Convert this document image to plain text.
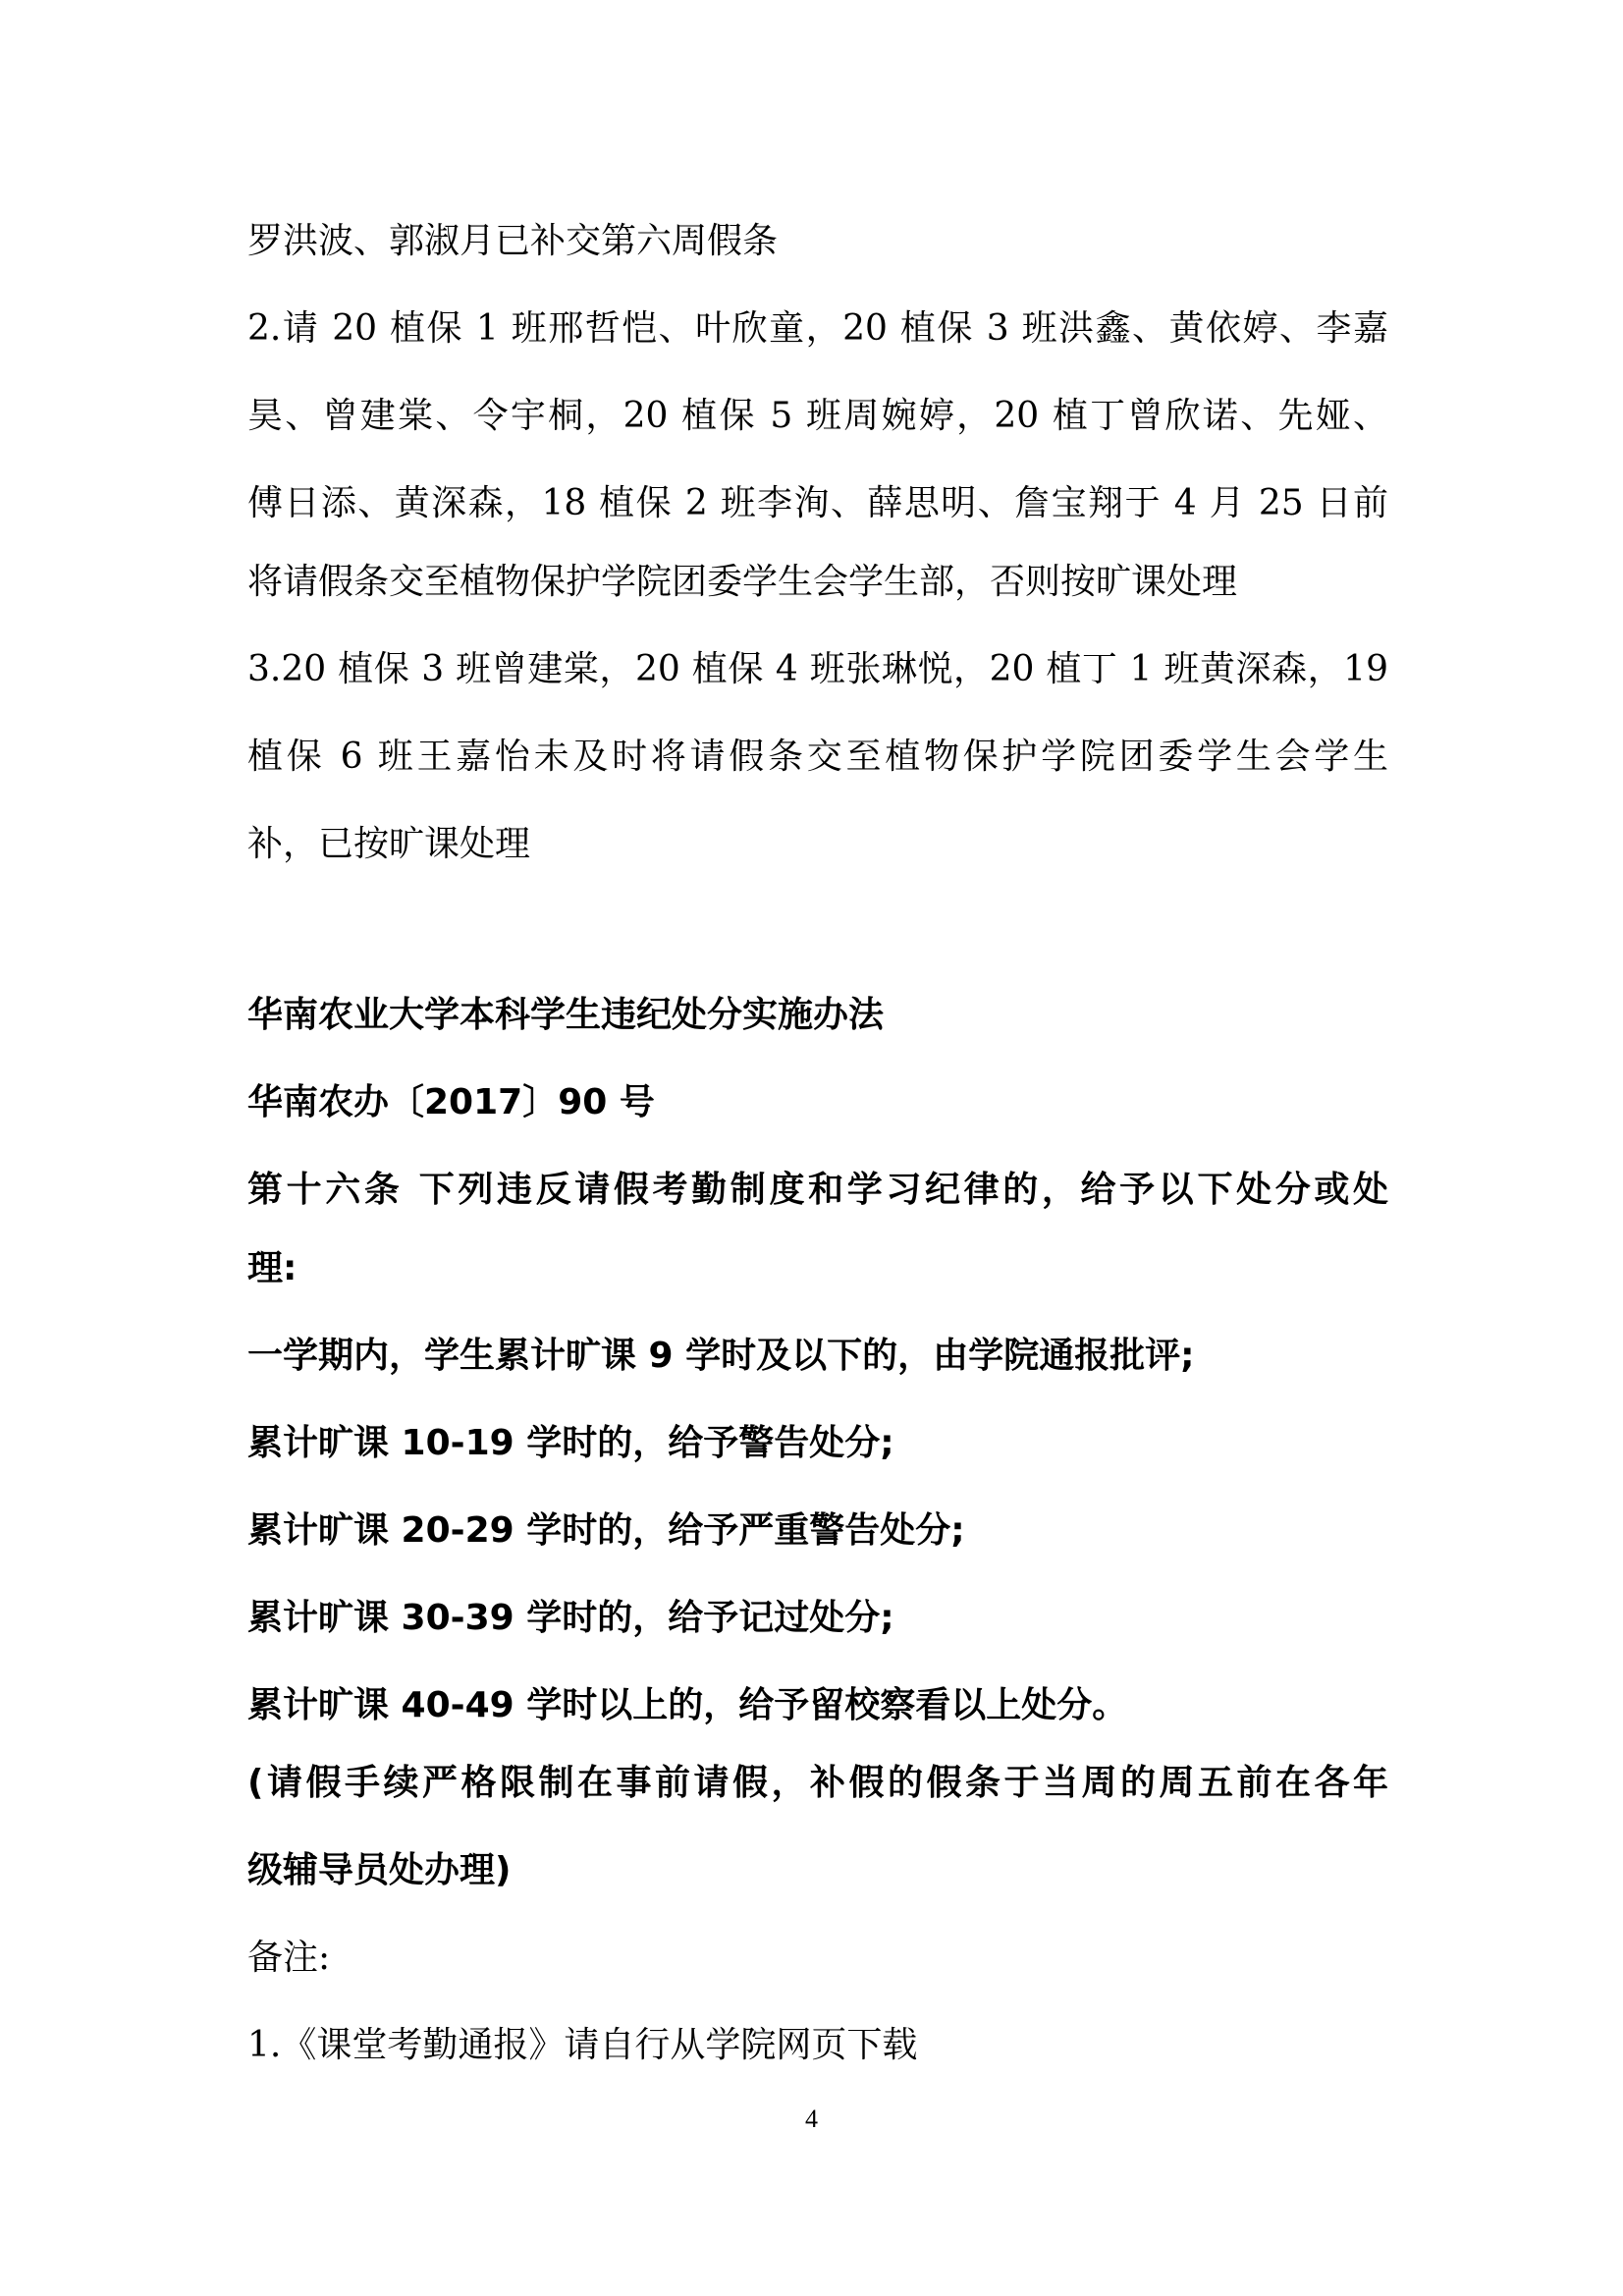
罗洪波、郭淑月已补交第六周假条
2.请 20 植保 1 班邢哲恺、叶欣童，20 植保 3 班洪鑫、黄依婷、李嘉
昊、曾建棠、令宇桐，20 植保 5 班周婉婷，20 植丁曾欣诺、先娅、
傅日添、黄深森，18 植保 2 班李洵、薛思明、詹宝翔于 4 月 25 日前
将请假条交至植物保护学院团委学生会学生部，否则按旷课处理
3.20 植保 3 班曾建棠，20 植保 4 班张琳悦，20 植丁 1 班黄深森，19
植保 6 班王嘉怡未及时将请假条交至植物保护学院团委学生会学生
补，已按旷课处理
华南农业大学本科学生违纪处分实施办法
华南农办〔2017〕90 号
第十六条 下列违反请假考勤制度和学习纪律的，给予以下处分或处
理:
一学期内，学生累计旷课 9 学时及以下的，由学院通报批评;
累计旷课 10-19 学时的，给予警告处分;
累计旷课 20-29 学时的，给予严重警告处分;
累计旷课 30-39 学时的，给予记过处分;
累计旷课 40-49 学时以上的，给予留校察看以上处分。
(请假手续严格限制在事前请假，补假的假条于当周的周五前在各年
级辅导员处办理)
备注:
1.《课堂考勤通报》请自行从学院网页下载
4
